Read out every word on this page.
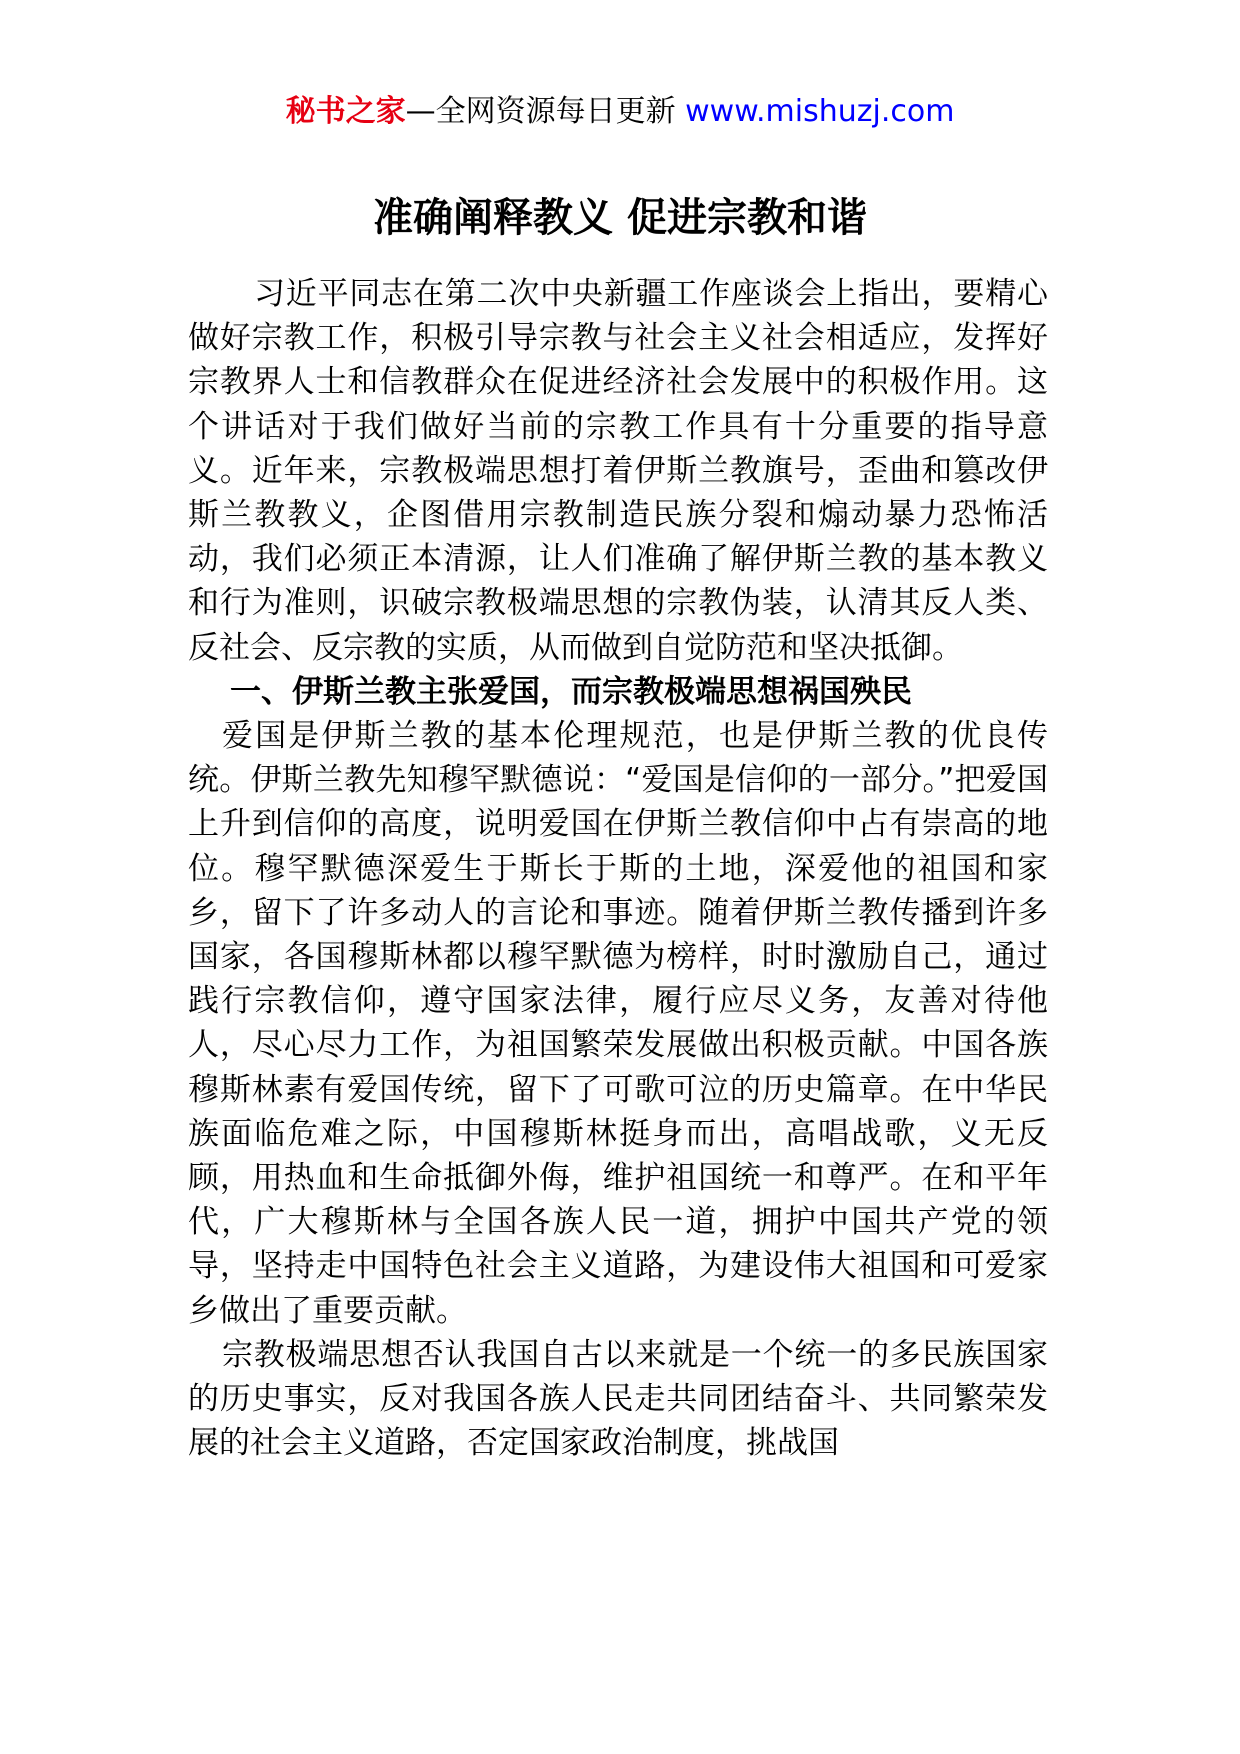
秘书之家—全网资源每日更新 www.mishuzj.com
准确阐释教义 促进宗教和谐

习近平同志在第二次中央新疆工作座谈会上指出，要精心做好宗教工作，积极引导宗教与社会主义社会相适应，发挥好宗教界人士和信教群众在促进经济社会发展中的积极作用。这个讲话对于我们做好当前的宗教工作具有十分重要的指导意义。近年来，宗教极端思想打着伊斯兰教旗号，歪曲和篡改伊斯兰教教义，企图借用宗教制造民族分裂和煽动暴力恐怖活动，我们必须正本清源，让人们准确了解伊斯兰教的基本教义和行为准则，识破宗教极端思想的宗教伪装，认清其反人类、反社会、反宗教的实质，从而做到自觉防范和坚决抵御。

一、伊斯兰教主张爱国，而宗教极端思想祸国殃民

爱国是伊斯兰教的基本伦理规范，也是伊斯兰教的优良传统。伊斯兰教先知穆罕默德说：“爱国是信仰的一部分。”把爱国上升到信仰的高度，说明爱国在伊斯兰教信仰中占有崇高的地位。穆罕默德深爱生于斯长于斯的土地，深爱他的祖国和家乡，留下了许多动人的言论和事迹。随着伊斯兰教传播到许多国家，各国穆斯林都以穆罕默德为榜样，时时激励自己，通过践行宗教信仰，遵守国家法律，履行应尽义务，友善对待他人，尽心尽力工作，为祖国繁荣发展做出积极贡献。中国各族穆斯林素有爱国传统，留下了可歌可泣的历史篇章。在中华民族面临危难之际，中国穆斯林挺身而出，高唱战歌，义无反顾，用热血和生命抵御外侮，维护祖国统一和尊严。在和平年代，广大穆斯林与全国各族人民一道，拥护中国共产党的领导，坚持走中国特色社会主义道路，为建设伟大祖国和可爱家乡做出了重要贡献。

宗教极端思想否认我国自古以来就是一个统一的多民族国家的历史事实，反对我国各族人民走共同团结奋斗、共同繁荣发展的社会主义道路，否定国家政治制度，挑战国
